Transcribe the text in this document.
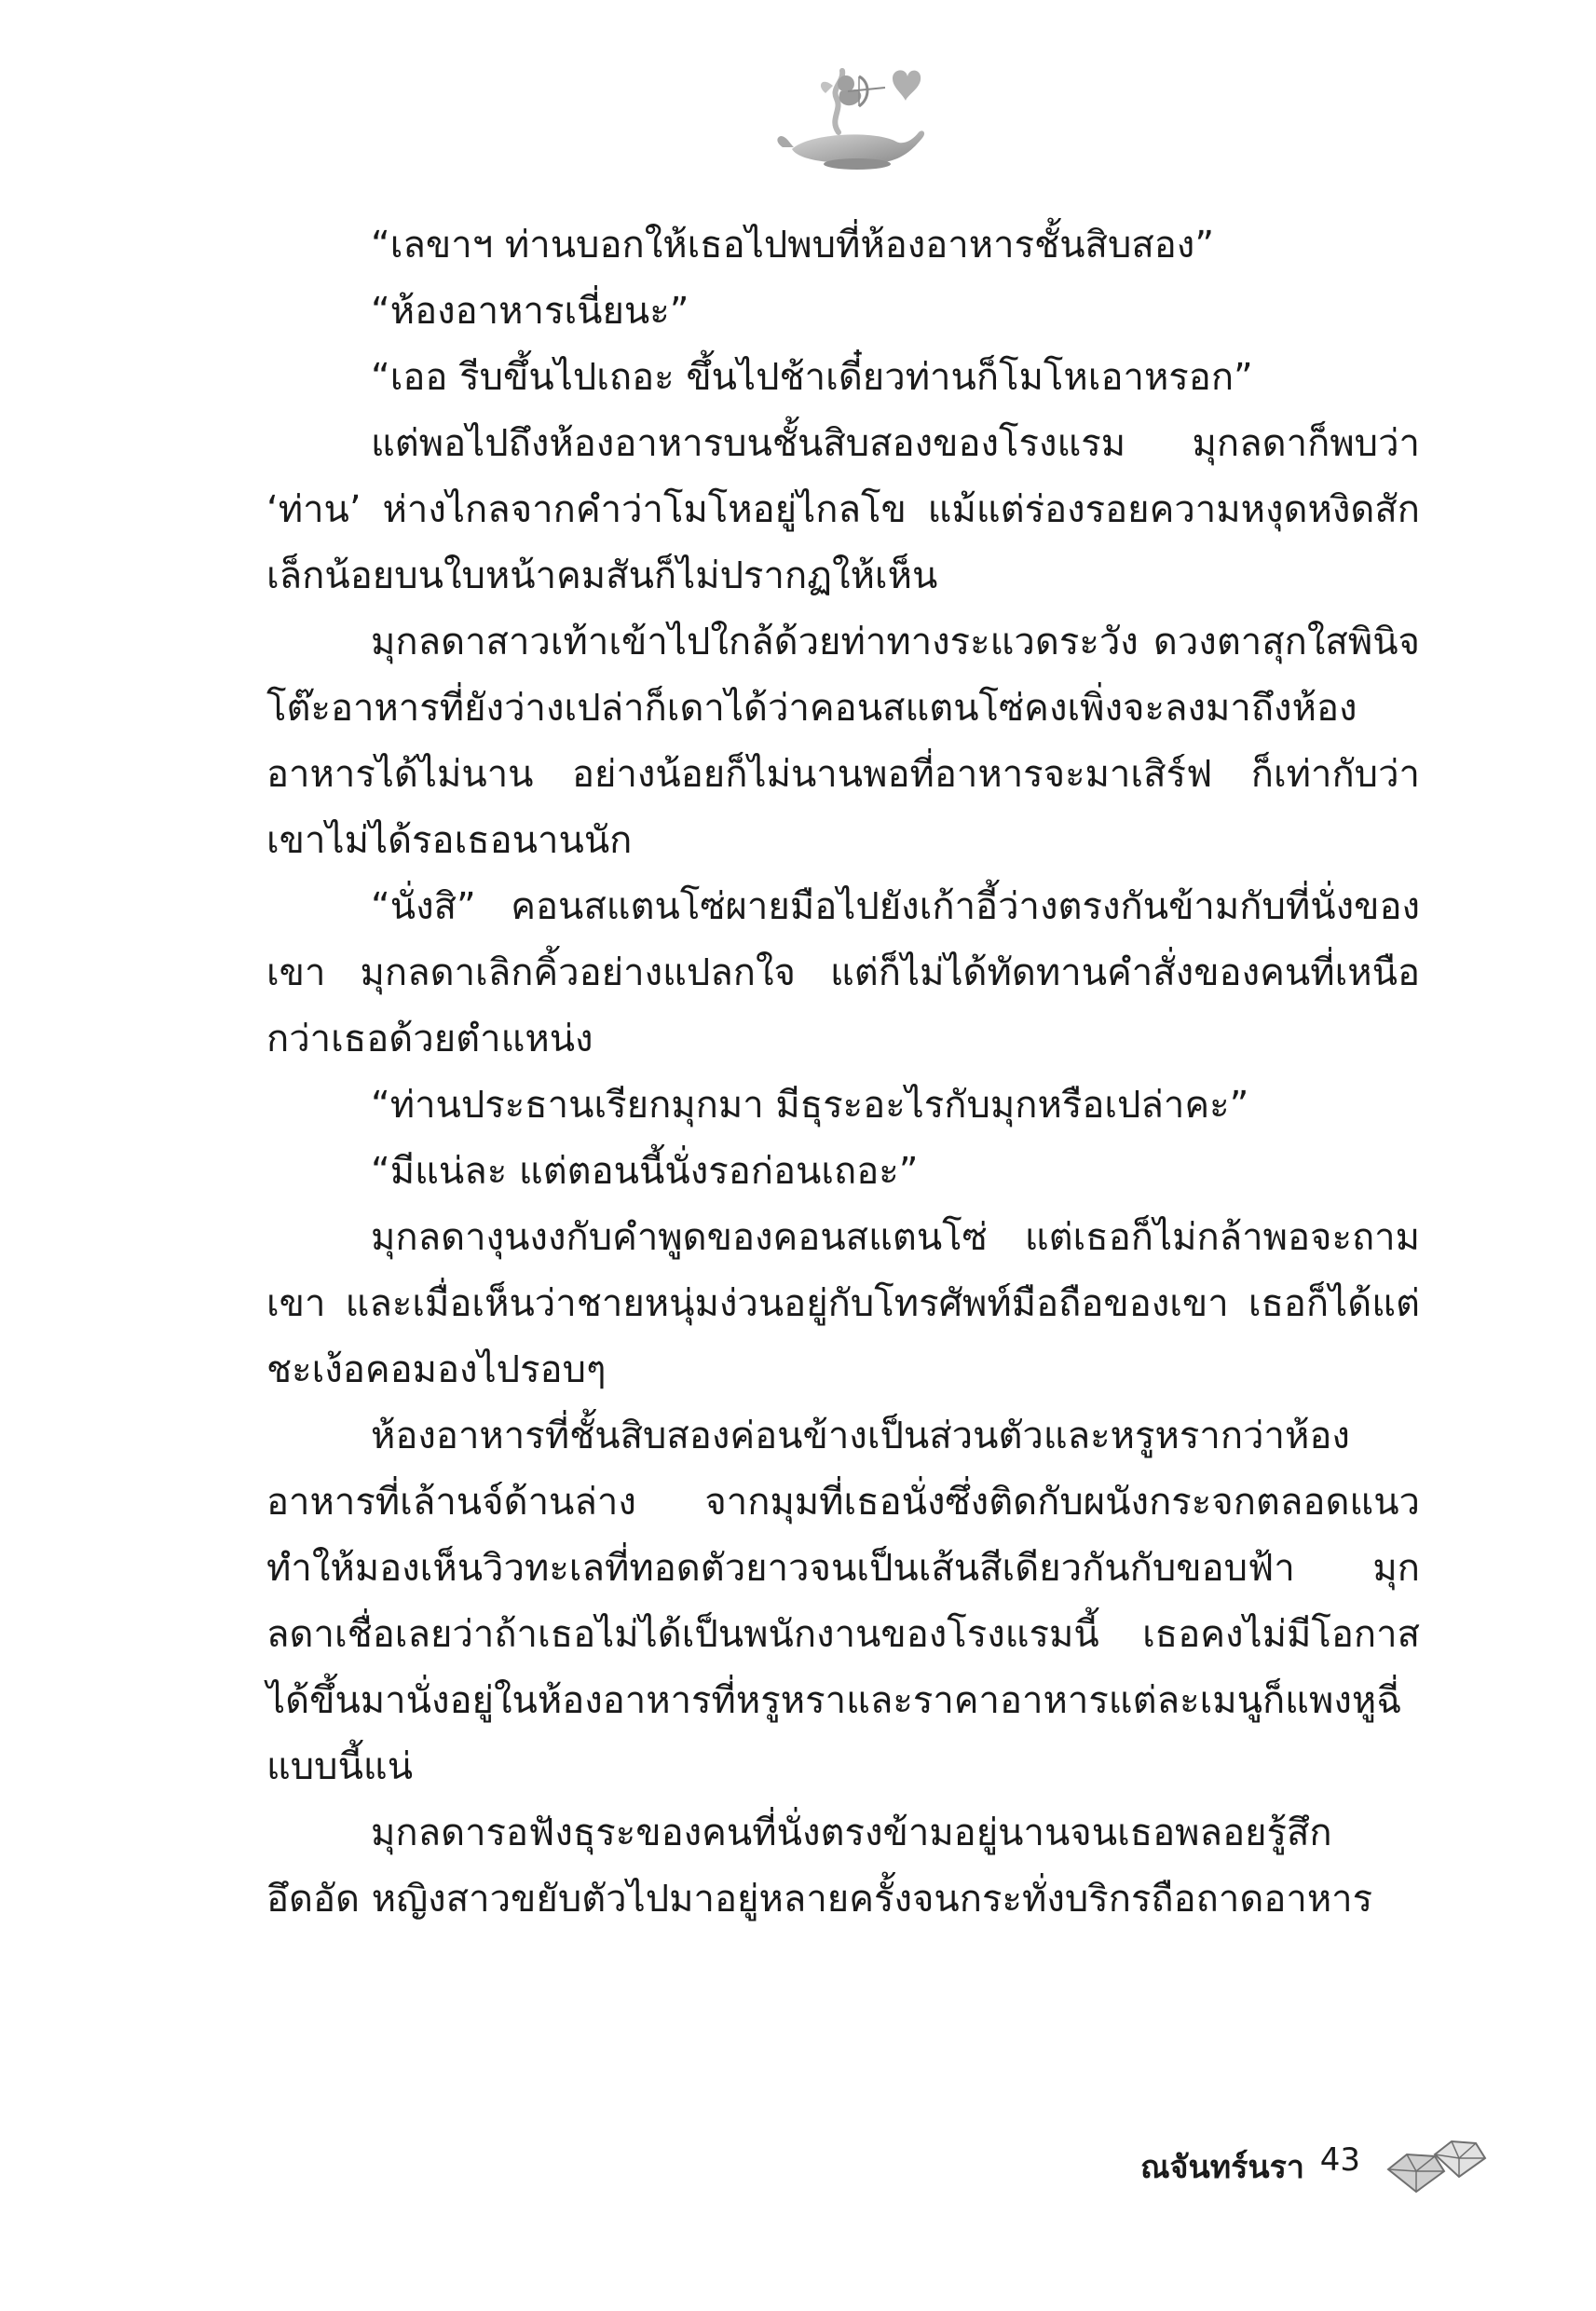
“เลขาฯ ท่านบอกให้เธอไปพบที่ห้องอาหารชั้นสิบสอง”

“ห้องอาหารเนี่ยนะ”

“เออ รีบขึ้นไปเถอะ ขึ้นไปช้าเดี๋ยวท่านก็โมโหเอาหรอก”

แต่พอไปถึงห้องอาหารบนชั้นสิบสองของโรงแรม มุกลดาก็พบว่า ‘ท่าน’ ห่างไกลจากคำว่าโมโหอยู่ไกลโข แม้แต่ร่องรอยความหงุดหงิดสักเล็กน้อยบนใบหน้าคมสันก็ไม่ปรากฏให้เห็น

มุกลดาสาวเท้าเข้าไปใกล้ด้วยท่าทางระแวดระวัง ดวงตาสุกใสพินิจโต๊ะอาหารที่ยังว่างเปล่าก็เดาได้ว่าคอนสแตนโซ่คงเพิ่งจะลงมาถึงห้องอาหารได้ไม่นาน อย่างน้อยก็ไม่นานพอที่อาหารจะมาเสิร์ฟ ก็เท่ากับว่าเขาไม่ได้รอเธอนานนัก

“นั่งสิ” คอนสแตนโซ่ผายมือไปยังเก้าอี้ว่างตรงกันข้ามกับที่นั่งของเขา มุกลดาเลิกคิ้วอย่างแปลกใจ แต่ก็ไม่ได้ทัดทานคำสั่งของคนที่เหนือกว่าเธอด้วยตำแหน่ง

“ท่านประธานเรียกมุกมา มีธุระอะไรกับมุกหรือเปล่าคะ”

“มีแน่ละ แต่ตอนนี้นั่งรอก่อนเถอะ”

มุกลดางุนงงกับคำพูดของคอนสแตนโซ่ แต่เธอก็ไม่กล้าพอจะถามเขา และเมื่อเห็นว่าชายหนุ่มง่วนอยู่กับโทรศัพท์มือถือของเขา เธอก็ได้แต่ชะเง้อคอมองไปรอบๆ

ห้องอาหารที่ชั้นสิบสองค่อนข้างเป็นส่วนตัวและหรูหรากว่าห้องอาหารที่เล้านจ์ด้านล่าง จากมุมที่เธอนั่งซึ่งติดกับผนังกระจกตลอดแนว ทำให้มองเห็นวิวทะเลที่ทอดตัวยาวจนเป็นเส้นสีเดียวกันกับขอบฟ้า มุกลดาเชื่อเลยว่าถ้าเธอไม่ได้เป็นพนักงานของโรงแรมนี้ เธอคงไม่มีโอกาสได้ขึ้นมานั่งอยู่ในห้องอาหารที่หรูหราและราคาอาหารแต่ละเมนูก็แพงหูฉี่แบบนี้แน่

มุกลดารอฟังธุระของคนที่นั่งตรงข้ามอยู่นานจนเธอพลอยรู้สึกอึดอัด หญิงสาวขยับตัวไปมาอยู่หลายครั้งจนกระทั่งบริกรถือถาดอาหาร

ณจันทร์นรา 43
